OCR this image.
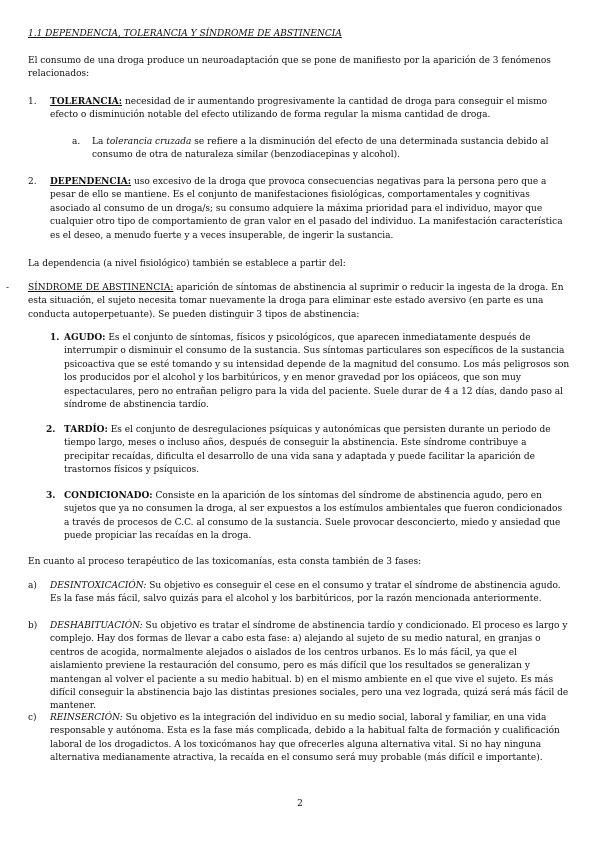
1.1 DEPENDENCIA, TOLERANCIA Y SÍNDROME DE ABSTINENCIA

El consumo de una droga produce un neuroadaptación que se pone de manifiesto por la aparición de 3 fenómenos relacionados:

1. TOLERANCIA: necesidad de ir aumentando progresivamente la cantidad de droga para conseguir el mismo efecto o disminución notable del efecto utilizando de forma regular la misma cantidad de droga.

a. La tolerancia cruzada se refiere a la disminución del efecto de una determinada sustancia debido al consumo de otra de naturaleza similar (benzodiacepinas y alcohol).

2. DEPENDENCIA: uso excesivo de la droga que provoca consecuencias negativas para la persona pero que a pesar de ello se mantiene. Es el conjunto de manifestaciones fisiológicas, comportamentales y cognitivas asociado al consumo de un droga/s; su consumo adquiere la máxima prioridad para el individuo, mayor que cualquier otro tipo de comportamiento de gran valor en el pasado del individuo. La manifestación característica es el deseo, a menudo fuerte y a veces insuperable, de ingerir la sustancia.

La dependencia (a nivel fisiológico) también se establece a partir del:

- SÍNDROME DE ABSTINENCIA: aparición de síntomas de abstinencia al suprimir o reducir la ingesta de la droga. En esta situación, el sujeto necesita tomar nuevamente la droga para eliminar este estado aversivo (en parte es una conducta autoperpetuante). Se pueden distinguir 3 tipos de abstinencia:

1. AGUDO: Es el conjunto de síntomas, físicos y psicológicos, que aparecen inmediatamente después de interrumpir o disminuir el consumo de la sustancia. Sus síntomas particulares son específicos de la sustancia psicoactiva que se esté tomando y su intensidad depende de la magnitud del consumo. Los más peligrosos son los producidos por el alcohol y los barbitúricos, y en menor gravedad por los opiáceos, que son muy espectaculares, pero no entrañan peligro para la vida del paciente. Suele durar de 4 a 12 días, dando paso al síndrome de abstinencia tardío.

2. TARDÍO: Es el conjunto de desregulaciones psíquicas y autonómicas que persisten durante un periodo de tiempo largo, meses o incluso años, después de conseguir la abstinencia. Este síndrome contribuye a precipitar recaídas, dificulta el desarrollo de una vida sana y adaptada y puede facilitar la aparición de trastornos físicos y psíquicos.

3. CONDICIONADO: Consiste en la aparición de los síntomas del síndrome de abstinencia agudo, pero en sujetos que ya no consumen la droga, al ser expuestos a los estímulos ambientales que fueron condicionados a través de procesos de C.C. al consumo de la sustancia. Suele provocar desconcierto, miedo y ansiedad que puede propiciar las recaídas en la droga.

En cuanto al proceso terapéutico de las toxicomanías, esta consta también de 3 fases:

a) DESINTOXICACIÓN: Su objetivo es conseguir el cese en el consumo y tratar el síndrome de abstinencia agudo. Es la fase más fácil, salvo quizás para el alcohol y los barbitúricos, por la razón mencionada anteriormente.

b) DESHABITUACIÓN: Su objetivo es tratar el síndrome de abstinencia tardío y condicionado. El proceso es largo y complejo. Hay dos formas de llevar a cabo esta fase: a) alejando al sujeto de su medio natural, en granjas o centros de acogida, normalmente alejados o aislados de los centros urbanos. Es lo más fácil, ya que el aislamiento previene la restauración del consumo, pero es más difícil que los resultados se generalizan y mantengan al volver el paciente a su medio habitual. b) en el mismo ambiente en el que vive el sujeto. Es más difícil conseguir la abstinencia bajo las distintas presiones sociales, pero una vez lograda, quizá será más fácil de mantener.

c) REINSERCIÓN: Su objetivo es la integración del individuo en su medio social, laboral y familiar, en una vida responsable y autónoma. Esta es la fase más complicada, debido a la habitual falta de formación y cualificación laboral de los drogadictos. A los toxicómanos hay que ofrecerles alguna alternativa vital. Si no hay ninguna alternativa medianamente atractiva, la recaída en el consumo será muy probable (más difícil e importante).

2
